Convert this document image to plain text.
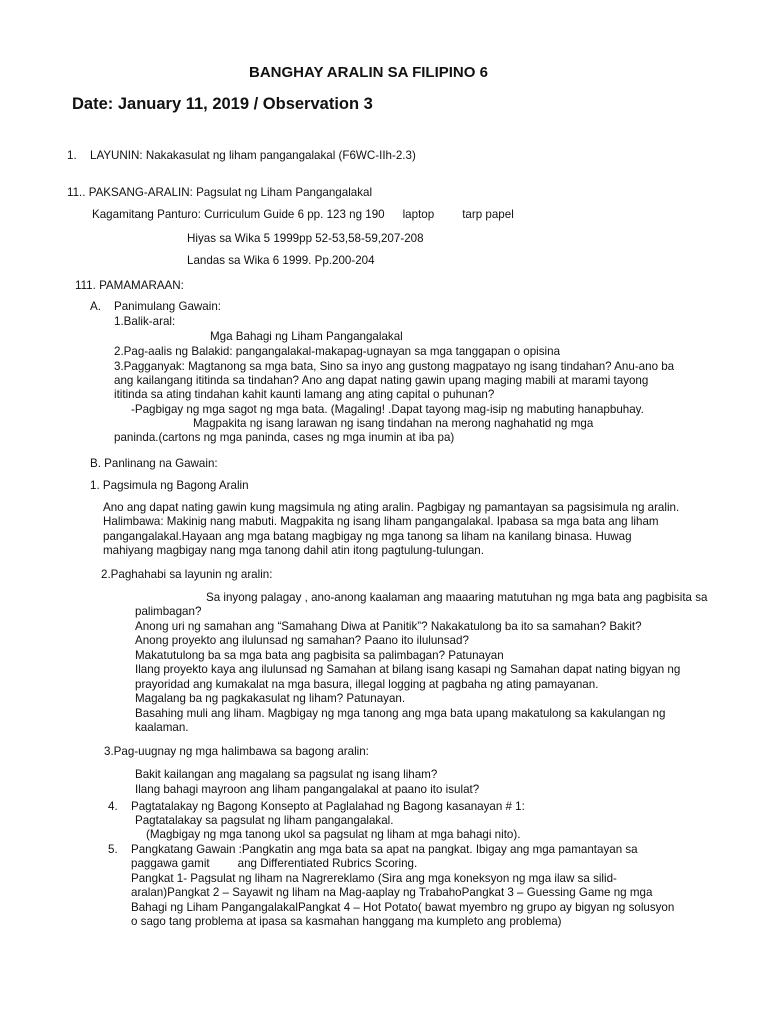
BANGHAY ARALIN SA FILIPINO 6
Date: January 11, 2019 / Observation 3
1. LAYUNIN: Nakakasulat ng liham pangangalakal (F6WC-IIh-2.3)
11.. PAKSANG-ARALIN: Pagsulat ng Liham Pangangalakal
Kagamitang Panturo: Curriculum Guide 6 pp. 123 ng 190 laptop tarp papel
Hiyas sa Wika 5 1999pp 52-53,58-59,207-208
Landas sa Wika 6 1999. Pp.200-204
111. PAMAMARAAN:
A. Panimulang Gawain:
1.Balik-aral:
Mga Bahagi ng Liham Pangangalakal
2.Pag-aalis ng Balakid: pangangalakal-makapag-ugnayan sa mga tanggapan o opisina
3.Pagganyak: Magtanong sa mga bata, Sino sa inyo ang gustong magpatayo ng isang tindahan? Anu-ano ba
ang kailangang ititinda sa tindahan? Ano ang dapat nating gawin upang maging mabili at marami tayong
ititinda sa ating tindahan kahit kaunti lamang ang ating capital o puhunan?
-Pagbigay ng mga sagot ng mga bata. (Magaling! .Dapat tayong mag-isip ng mabuting hanapbuhay.
Magpakita ng isang larawan ng isang tindahan na merong naghahatid ng mga
paninda.(cartons ng mga paninda, cases ng mga inumin at iba pa)
B. Panlinang na Gawain:
1. Pagsimula ng Bagong Aralin
Ano ang dapat nating gawin kung magsimula ng ating aralin. Pagbigay ng pamantayan sa pagsisimula ng aralin.
Halimbawa: Makinig nang mabuti. Magpakita ng isang liham pangangalakal. Ipabasa sa mga bata ang liham
pangangalakal.Hayaan ang mga batang magbigay ng mga tanong sa liham na kanilang binasa. Huwag
mahiyang magbigay nang mga tanong dahil atin itong pagtulung-tulungan.
2.Paghahabi sa layunin ng aralin:
Sa inyong palagay , ano-anong kaalaman ang maaaring matutuhan ng mga bata ang pagbisita sa
palimbagan?
Anong uri ng samahan ang “Samahang Diwa at Panitik”? Nakakatulong ba ito sa samahan? Bakit?
Anong proyekto ang ilulunsad ng samahan? Paano ito ilulunsad?
Makatutulong ba sa mga bata ang pagbisita sa palimbagan? Patunayan
Ilang proyekto kaya ang ilulunsad ng Samahan at bilang isang kasapi ng Samahan dapat nating bigyan ng
prayoridad ang kumakalat na mga basura, illegal logging at pagbaha ng ating pamayanan.
Magalang ba ng pagkakasulat ng liham? Patunayan.
Basahing muli ang liham. Magbigay ng mga tanong ang mga bata upang makatulong sa kakulangan ng
kaalaman.
3.Pag-uugnay ng mga halimbawa sa bagong aralin:
Bakit kailangan ang magalang sa pagsulat ng isang liham?
Ilang bahagi mayroon ang liham pangangalakal at paano ito isulat?
4. Pagtatalakay ng Bagong Konsepto at Paglalahad ng Bagong kasanayan # 1:
Pagtatalakay sa pagsulat ng liham pangangalakal.
(Magbigay ng mga tanong ukol sa pagsulat ng liham at mga bahagi nito).
5. Pangkatang Gawain :Pangkatin ang mga bata sa apat na pangkat. Ibigay ang mga pamantayan sa
paggawa gamit ang Differentiated Rubrics Scoring.
Pangkat 1- Pagsulat ng liham na Nagrereklamo (Sira ang mga koneksyon ng mga ilaw sa silid-
aralan)Pangkat 2 – Sayawit ng liham na Mag-aaplay ng TrabahoPangkat 3 – Guessing Game ng mga
Bahagi ng Liham PangangalakalPangkat 4 – Hot Potato( bawat myembro ng grupo ay bigyan ng solusyon
o sago tang problema at ipasa sa kasmahan hanggang ma kumpleto ang problema)
